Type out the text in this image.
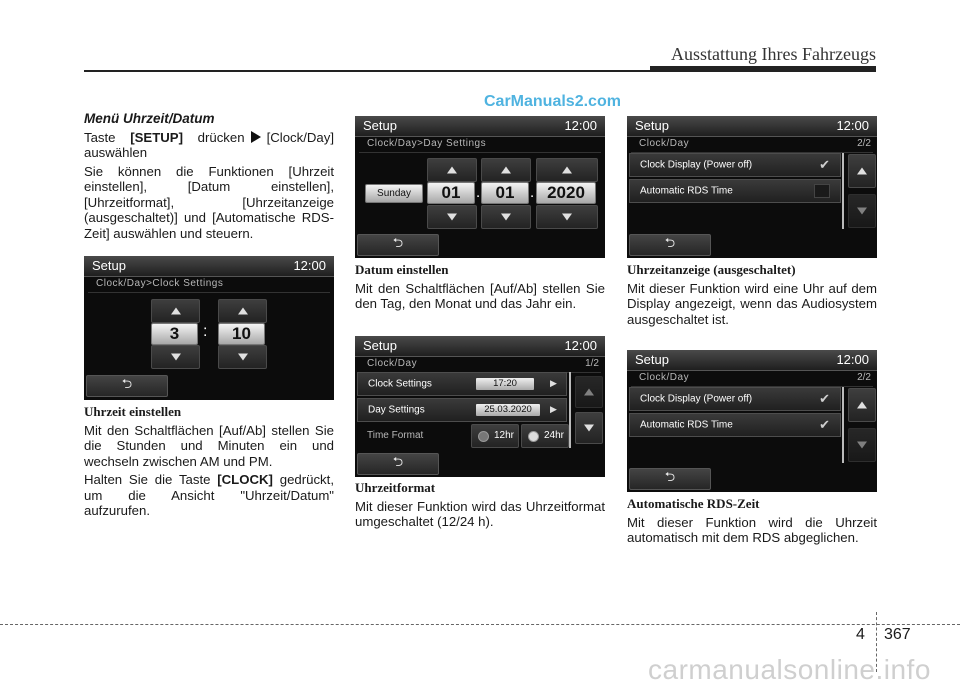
Ausstattung Ihres Fahrzeugs
CarManuals2.com

Menü Uhrzeit/Datum

Taste [SETUP] drücken [Clock/Day] auswählen

Sie können die Funktionen [Uhrzeit einstellen], [Datum einstellen], [Uhrzeitformat], [Uhrzeitanzeige (ausgeschaltet)] und [Automatische RDS-Zeit] auswählen und steuern.

Setup	12:00
Clock/Day>Clock Settings
3	:	10
⮌

Uhrzeit einstellen

Mit den Schaltflächen [Auf/Ab] stellen Sie die Stunden und Minuten ein und wechseln zwischen AM und PM.

Halten Sie die Taste [CLOCK] gedrückt, um die Ansicht "Uhrzeit/Datum" aufzurufen.

Setup	12:00
Clock/Day>Day Settings
Sunday	01	. 01	. 2020
⮌

Datum einstellen

Mit den Schaltflächen [Auf/Ab] stellen Sie den Tag, den Monat und das Jahr ein.

Setup	12:00
Clock/Day	1/2
Clock Settings	17:20	▶
Day Settings	25.03.2020	▶
Time Format	12hr	24hr
⮌

Uhrzeitformat

Mit dieser Funktion wird das Uhrzeitformat umgeschaltet (12/24 h).

Setup	12:00
Clock/Day	2/2
Clock Display (Power off)	✔
Automatic RDS Time
⮌

Uhrzeitanzeige (ausgeschaltet)

Mit dieser Funktion wird eine Uhr auf dem Display angezeigt, wenn das Audiosystem ausgeschaltet ist.

Setup	12:00
Clock/Day	2/2
Clock Display (Power off)	✔
Automatic RDS Time	✔
⮌

Automatische RDS-Zeit

Mit dieser Funktion wird die Uhrzeit automatisch mit dem RDS abgeglichen.

4 367
carmanualsonline.info
